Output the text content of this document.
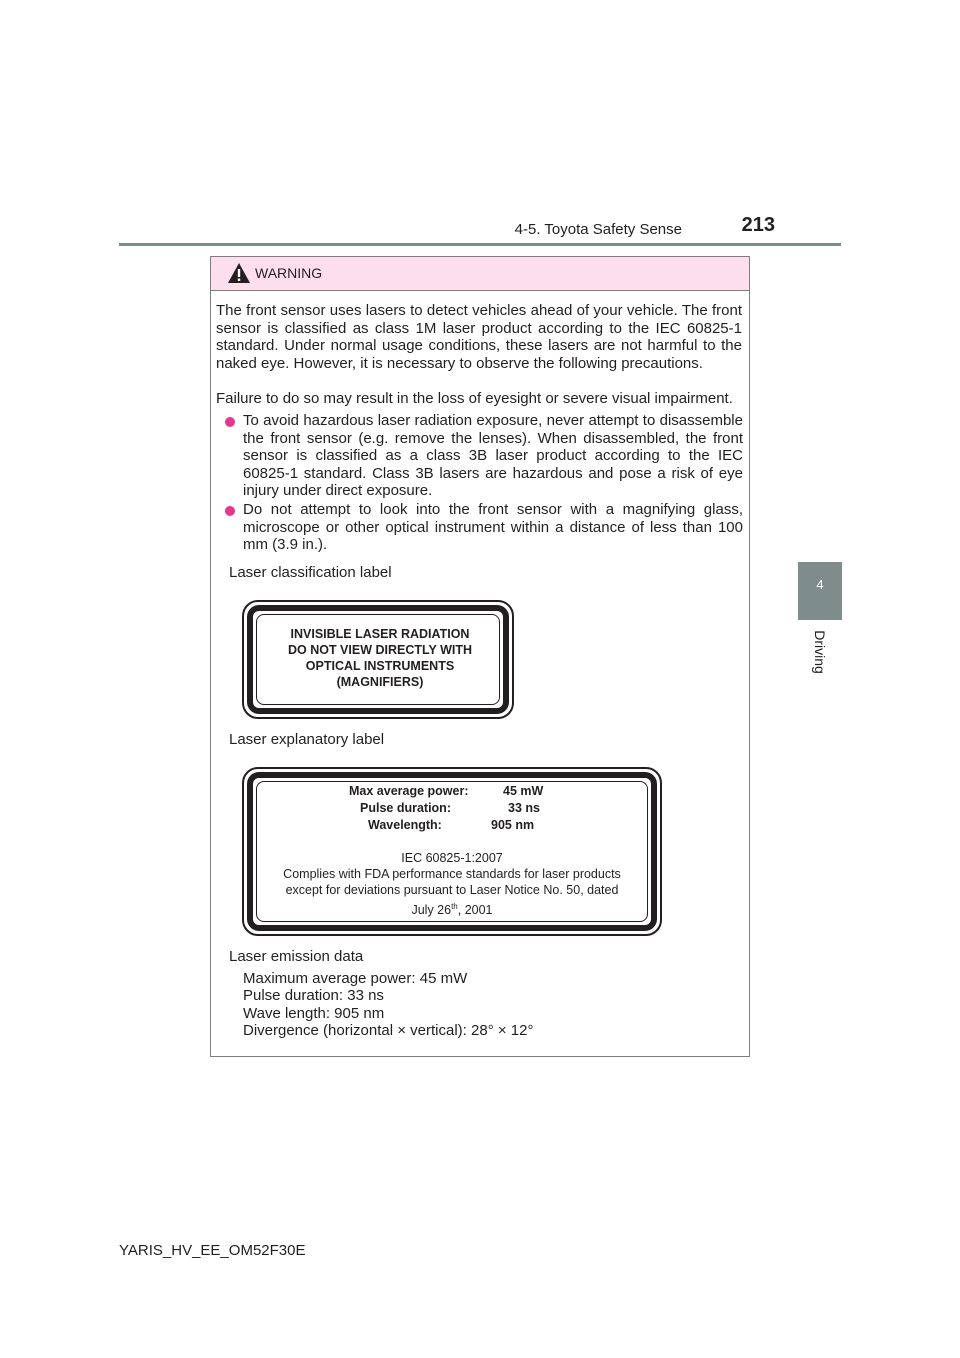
4-5. Toyota Safety Sense	213
4
Driving
WARNING
The front sensor uses lasers to detect vehicles ahead of your vehicle. The front sensor is classified as class 1M laser product according to the IEC 60825-1 standard. Under normal usage conditions, these lasers are not harmful to the naked eye. However, it is necessary to observe the following precautions.
Failure to do so may result in the loss of eyesight or severe visual impairment.
To avoid hazardous laser radiation exposure, never attempt to disassemble the front sensor (e.g. remove the lenses). When disassembled, the front sensor is classified as a class 3B laser product according to the IEC 60825-1 standard. Class 3B lasers are hazardous and pose a risk of eye injury under direct exposure.
Do not attempt to look into the front sensor with a magnifying glass, microscope or other optical instrument within a distance of less than 100 mm (3.9 in.).
Laser classification label
Laser explanatory label
Laser emission data
Maximum average power: 45 mW
Pulse duration: 33 ns
Wave length: 905 nm
Divergence (horizontal × vertical): 28° × 12°
INVISIBLE LASER RADIATION
DO NOT VIEW DIRECTLY WITH
OPTICAL INSTRUMENTS
(MAGNIFIERS)
Max average power:	45 mW
Pulse duration:	33 ns
Wavelength:	905 nm
IEC 60825-1:2007
Complies with FDA performance standards for laser products
except for deviations pursuant to Laser Notice No. 50, dated
July 26th, 2001
YARIS_HV_EE_OM52F30E
